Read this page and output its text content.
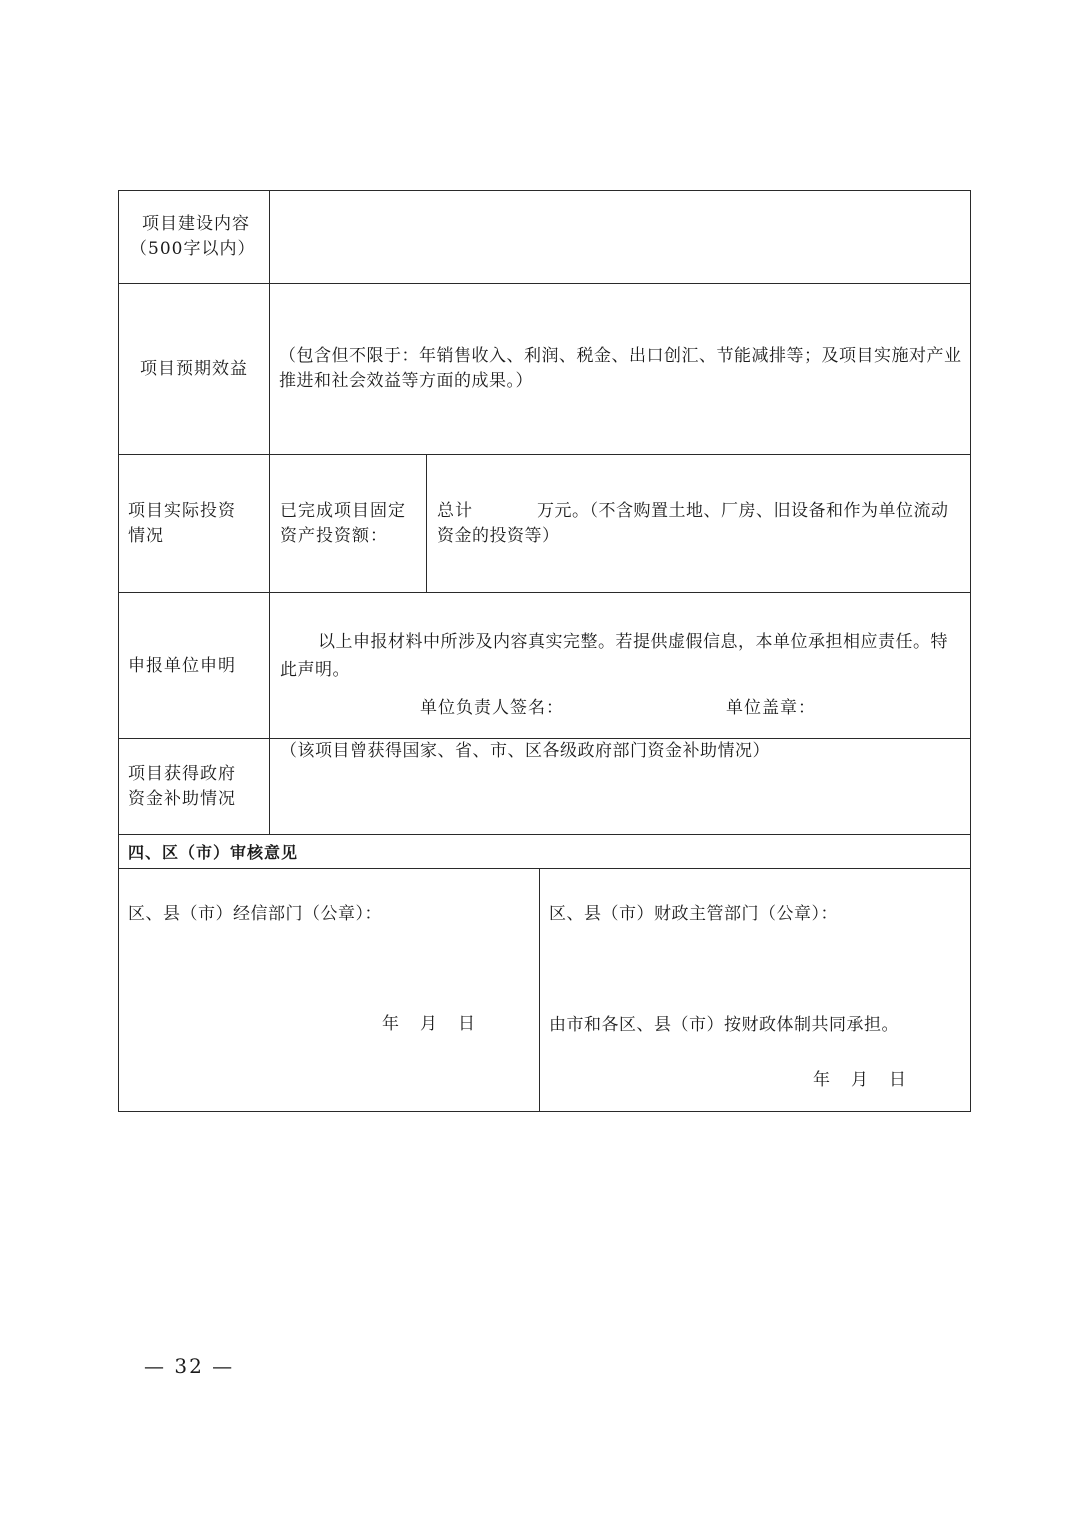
项目建设内容
（500字以内）
项目预期效益
（包含但不限于：年销售收入、利润、税金、出口创汇、节能减排等；及项目实施对产业推进和社会效益等方面的成果。）
项目实际投资
情况
已完成项目固定
资产投资额：
总计	万元。（不含购置土地、厂房、旧设备和作为单位流动资金的投资等）
申报单位申明
以上申报材料中所涉及内容真实完整。若提供虚假信息，本单位承担相应责任。特此声明。
单位负责人签名：	单位盖章：
项目获得政府
资金补助情况
（该项目曾获得国家、省、市、区各级政府部门资金补助情况）
四、区（市）审核意见
区、县（市）经信部门（公章）：
年　月　日
区、县（市）财政主管部门（公章）：
由市和各区、县（市）按财政体制共同承担。
年　月　日
— 32 —
